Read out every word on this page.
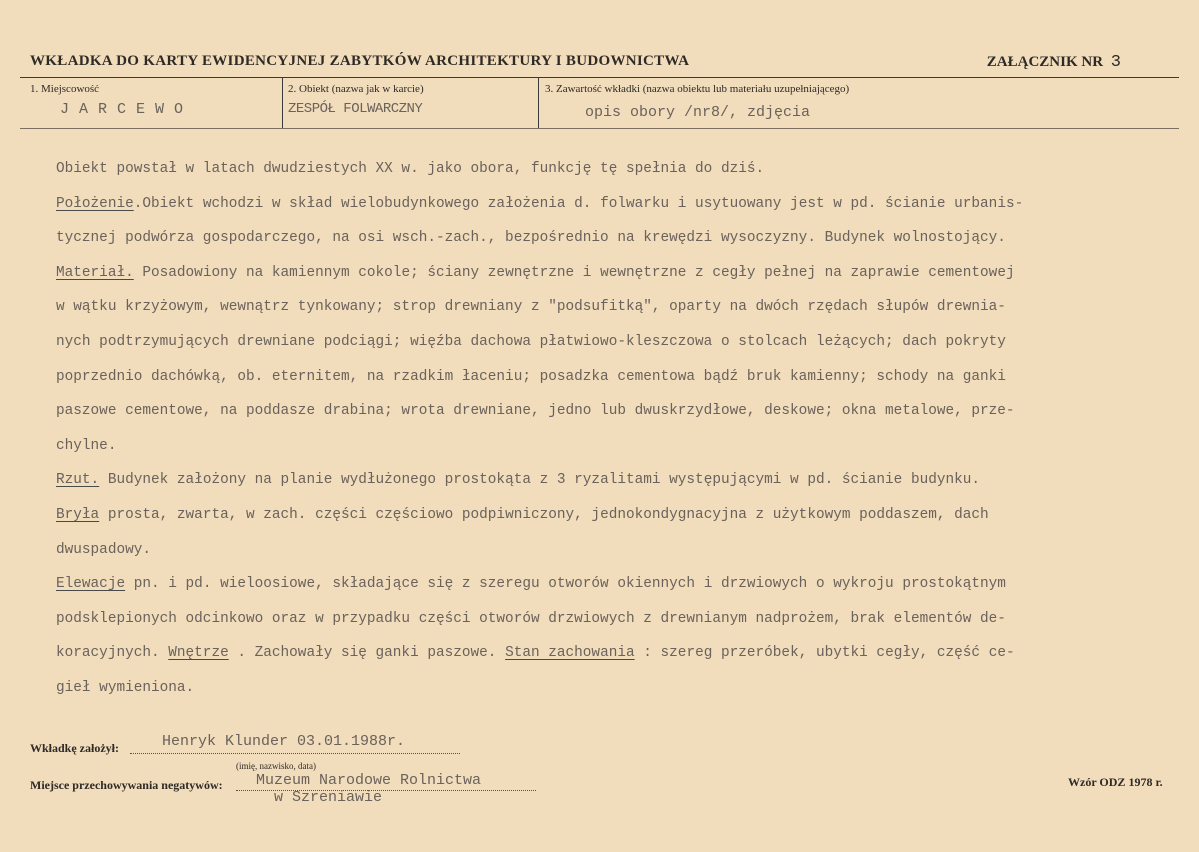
WKŁADKA DO KARTY EWIDENCYJNEJ ZABYTKÓW ARCHITEKTURY I BUDOWNICTWA	ZAŁĄCZNIK NR 3
1. Miejscowość
JARCEWO
2. Obiekt (nazwa jak w karcie)
ZESPÓŁ FOLWARCZNY
3. Zawartość wkładki (nazwa obiektu lub materiału uzupełniającego)
opis obory /nr8/, zdjęcia
Obiekt powstał w latach dwudziestych XX w. jako obora, funkcję tę spełnia do dziś.
Położenie.Obiekt wchodzi w skład wielobudynkowego założenia d. folwarku i usytuowany jest w pd. ścianie urbanis-
tycznej podwórza gospodarczego, na osi wsch.-zach., bezpośrednio na krewędzi wysoczyzny. Budynek wolnostojący.
Materiał. Posadowiony na kamiennym cokole; ściany zewnętrzne i wewnętrzne z cegły pełnej na zaprawie cementowej
w wątku krzyżowym, wewnątrz tynkowany; strop drewniany z "podsufitką", oparty na dwóch rzędach słupów drewnia-
nych podtrzymujących drewniane podciągi; więźba dachowa płatwiowo-kleszczowa o stolcach leżących; dach pokryty
poprzednio dachówką, ob. eternitem, na rzadkim łaceniu; posadzka cementowa bądź bruk kamienny; schody na ganki
paszowe cementowe, na poddasze drabina; wrota drewniane, jedno lub dwuskrzydłowe, deskowe; okna metalowe, prze-
chylne.
Rzut. Budynek założony na planie wydłużonego prostokąta z 3 ryzalitami występującymi w pd. ścianie budynku.
Bryła prosta, zwarta, w zach. części częściowo podpiwniczony, jednokondygnacyjna z użytkowym poddaszem, dach
dwuspadowy.
Elewacje pn. i pd. wieloosiowe, składające się z szeregu otworów okiennych i drzwiowych o wykroju prostokątnym
podsklepionych odcinkowo oraz w przypadku części otworów drzwiowych z drewnianym nadprożem, brak elementów de-
koracyjnych. Wnętrze . Zachowały się ganki paszowe. Stan zachowania : szereg przeróbek, ubytki cegły, część ce-
gieł wymieniona.
Wkładkę założył:	Henryk Klunder 03.01.1988r.
(imię, nazwisko, data)
Miejsce przechowywania negatywów: Muzeum Narodowe Rolnictwa
w Szreniawie
Wzór ODZ 1978 r.
